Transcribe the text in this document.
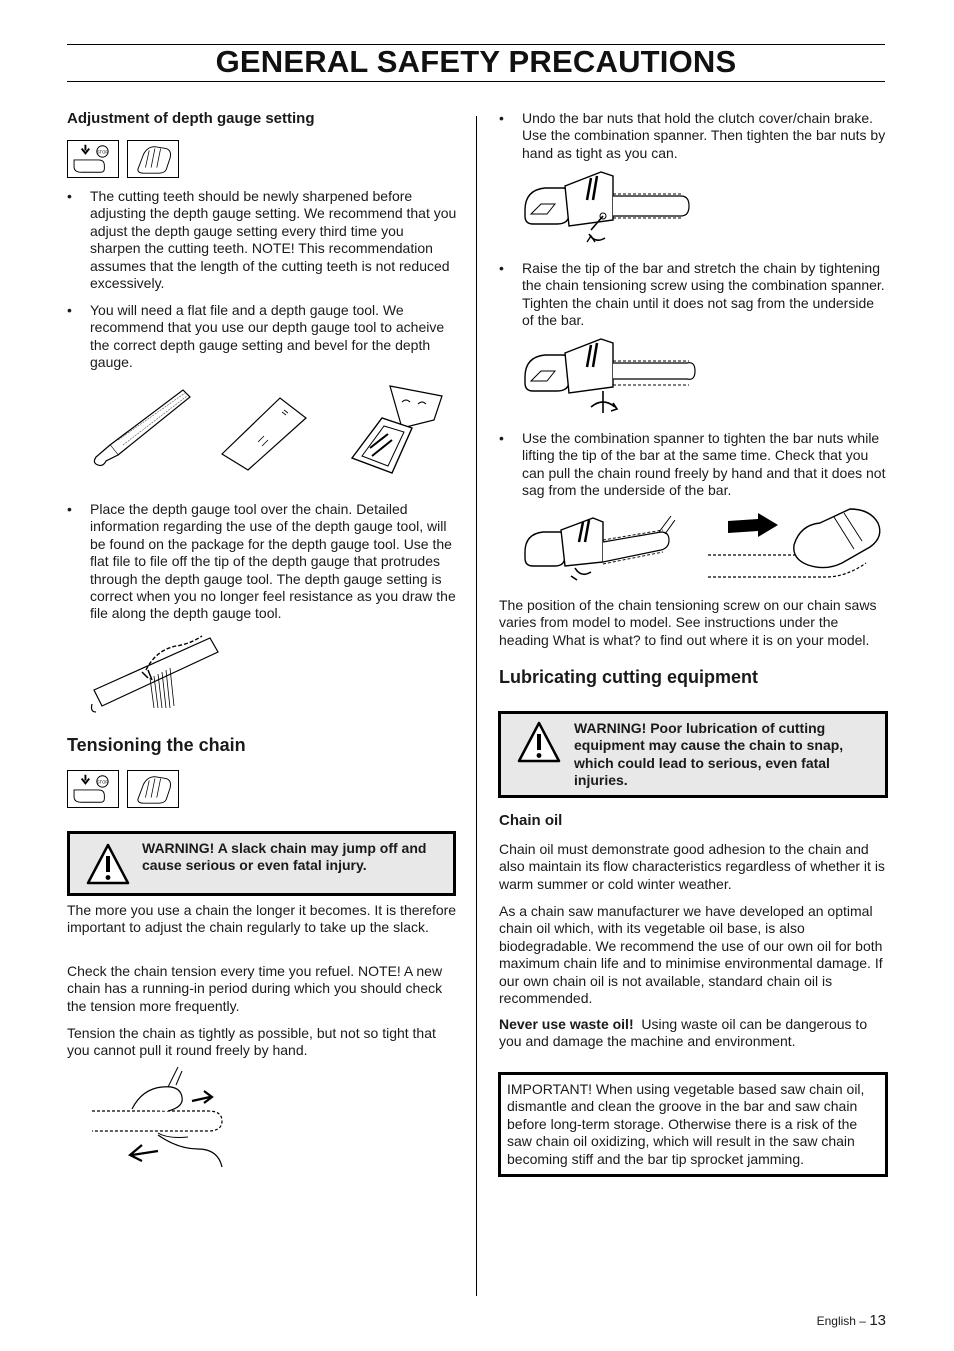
GENERAL SAFETY PRECAUTIONS
Adjustment of depth gauge setting
STOP
• The cutting teeth should be newly sharpened before adjusting the depth gauge setting. We recommend that you adjust the depth gauge setting every third time you sharpen the cutting teeth. NOTE! This recommendation assumes that the length of the cutting teeth is not reduced excessively.
• You will need a flat file and a depth gauge tool. We recommend that you use our depth gauge tool to acheive the correct depth gauge setting and bevel for the depth gauge.
• Place the depth gauge tool over the chain. Detailed information regarding the use of the depth gauge tool, will be found on the package for the depth gauge tool. Use the flat file to file off the tip of the depth gauge that protrudes through the depth gauge tool. The depth gauge setting is correct when you no longer feel resistance as you draw the file along the depth gauge tool.
Tensioning the chain
STOP
WARNING! A slack chain may jump off and cause serious or even fatal injury.
The more you use a chain the longer it becomes. It is therefore important to adjust the chain regularly to take up the slack.
Check the chain tension every time you refuel. NOTE! A new chain has a running-in period during which you should check the tension more frequently.
Tension the chain as tightly as possible, but not so tight that you cannot pull it round freely by hand.
• Undo the bar nuts that hold the clutch cover/chain brake. Use the combination spanner. Then tighten the bar nuts by hand as tight as you can.
• Raise the tip of the bar and stretch the chain by tightening the chain tensioning screw using the combination spanner. Tighten the chain until it does not sag from the underside of the bar.
• Use the combination spanner to tighten the bar nuts while lifting the tip of the bar at the same time. Check that you can pull the chain round freely by hand and that it does not sag from the underside of the bar.
The position of the chain tensioning screw on our chain saws varies from model to model. See instructions under the heading What is what? to find out where it is on your model.
Lubricating cutting equipment
WARNING! Poor lubrication of cutting equipment may cause the chain to snap, which could lead to serious, even fatal injuries.
Chain oil
Chain oil must demonstrate good adhesion to the chain and also maintain its flow characteristics regardless of whether it is warm summer or cold winter weather.
As a chain saw manufacturer we have developed an optimal chain oil which, with its vegetable oil base, is also biodegradable. We recommend the use of our own oil for both maximum chain life and to minimise environmental damage. If our own chain oil is not available, standard chain oil is recommended.
Never use waste oil! Using waste oil can be dangerous to you and damage the machine and environment.
IMPORTANT! When using vegetable based saw chain oil, dismantle and clean the groove in the bar and saw chain before long-term storage. Otherwise there is a risk of the saw chain oil oxidizing, which will result in the saw chain becoming stiff and the bar tip sprocket jamming.
English – 13
